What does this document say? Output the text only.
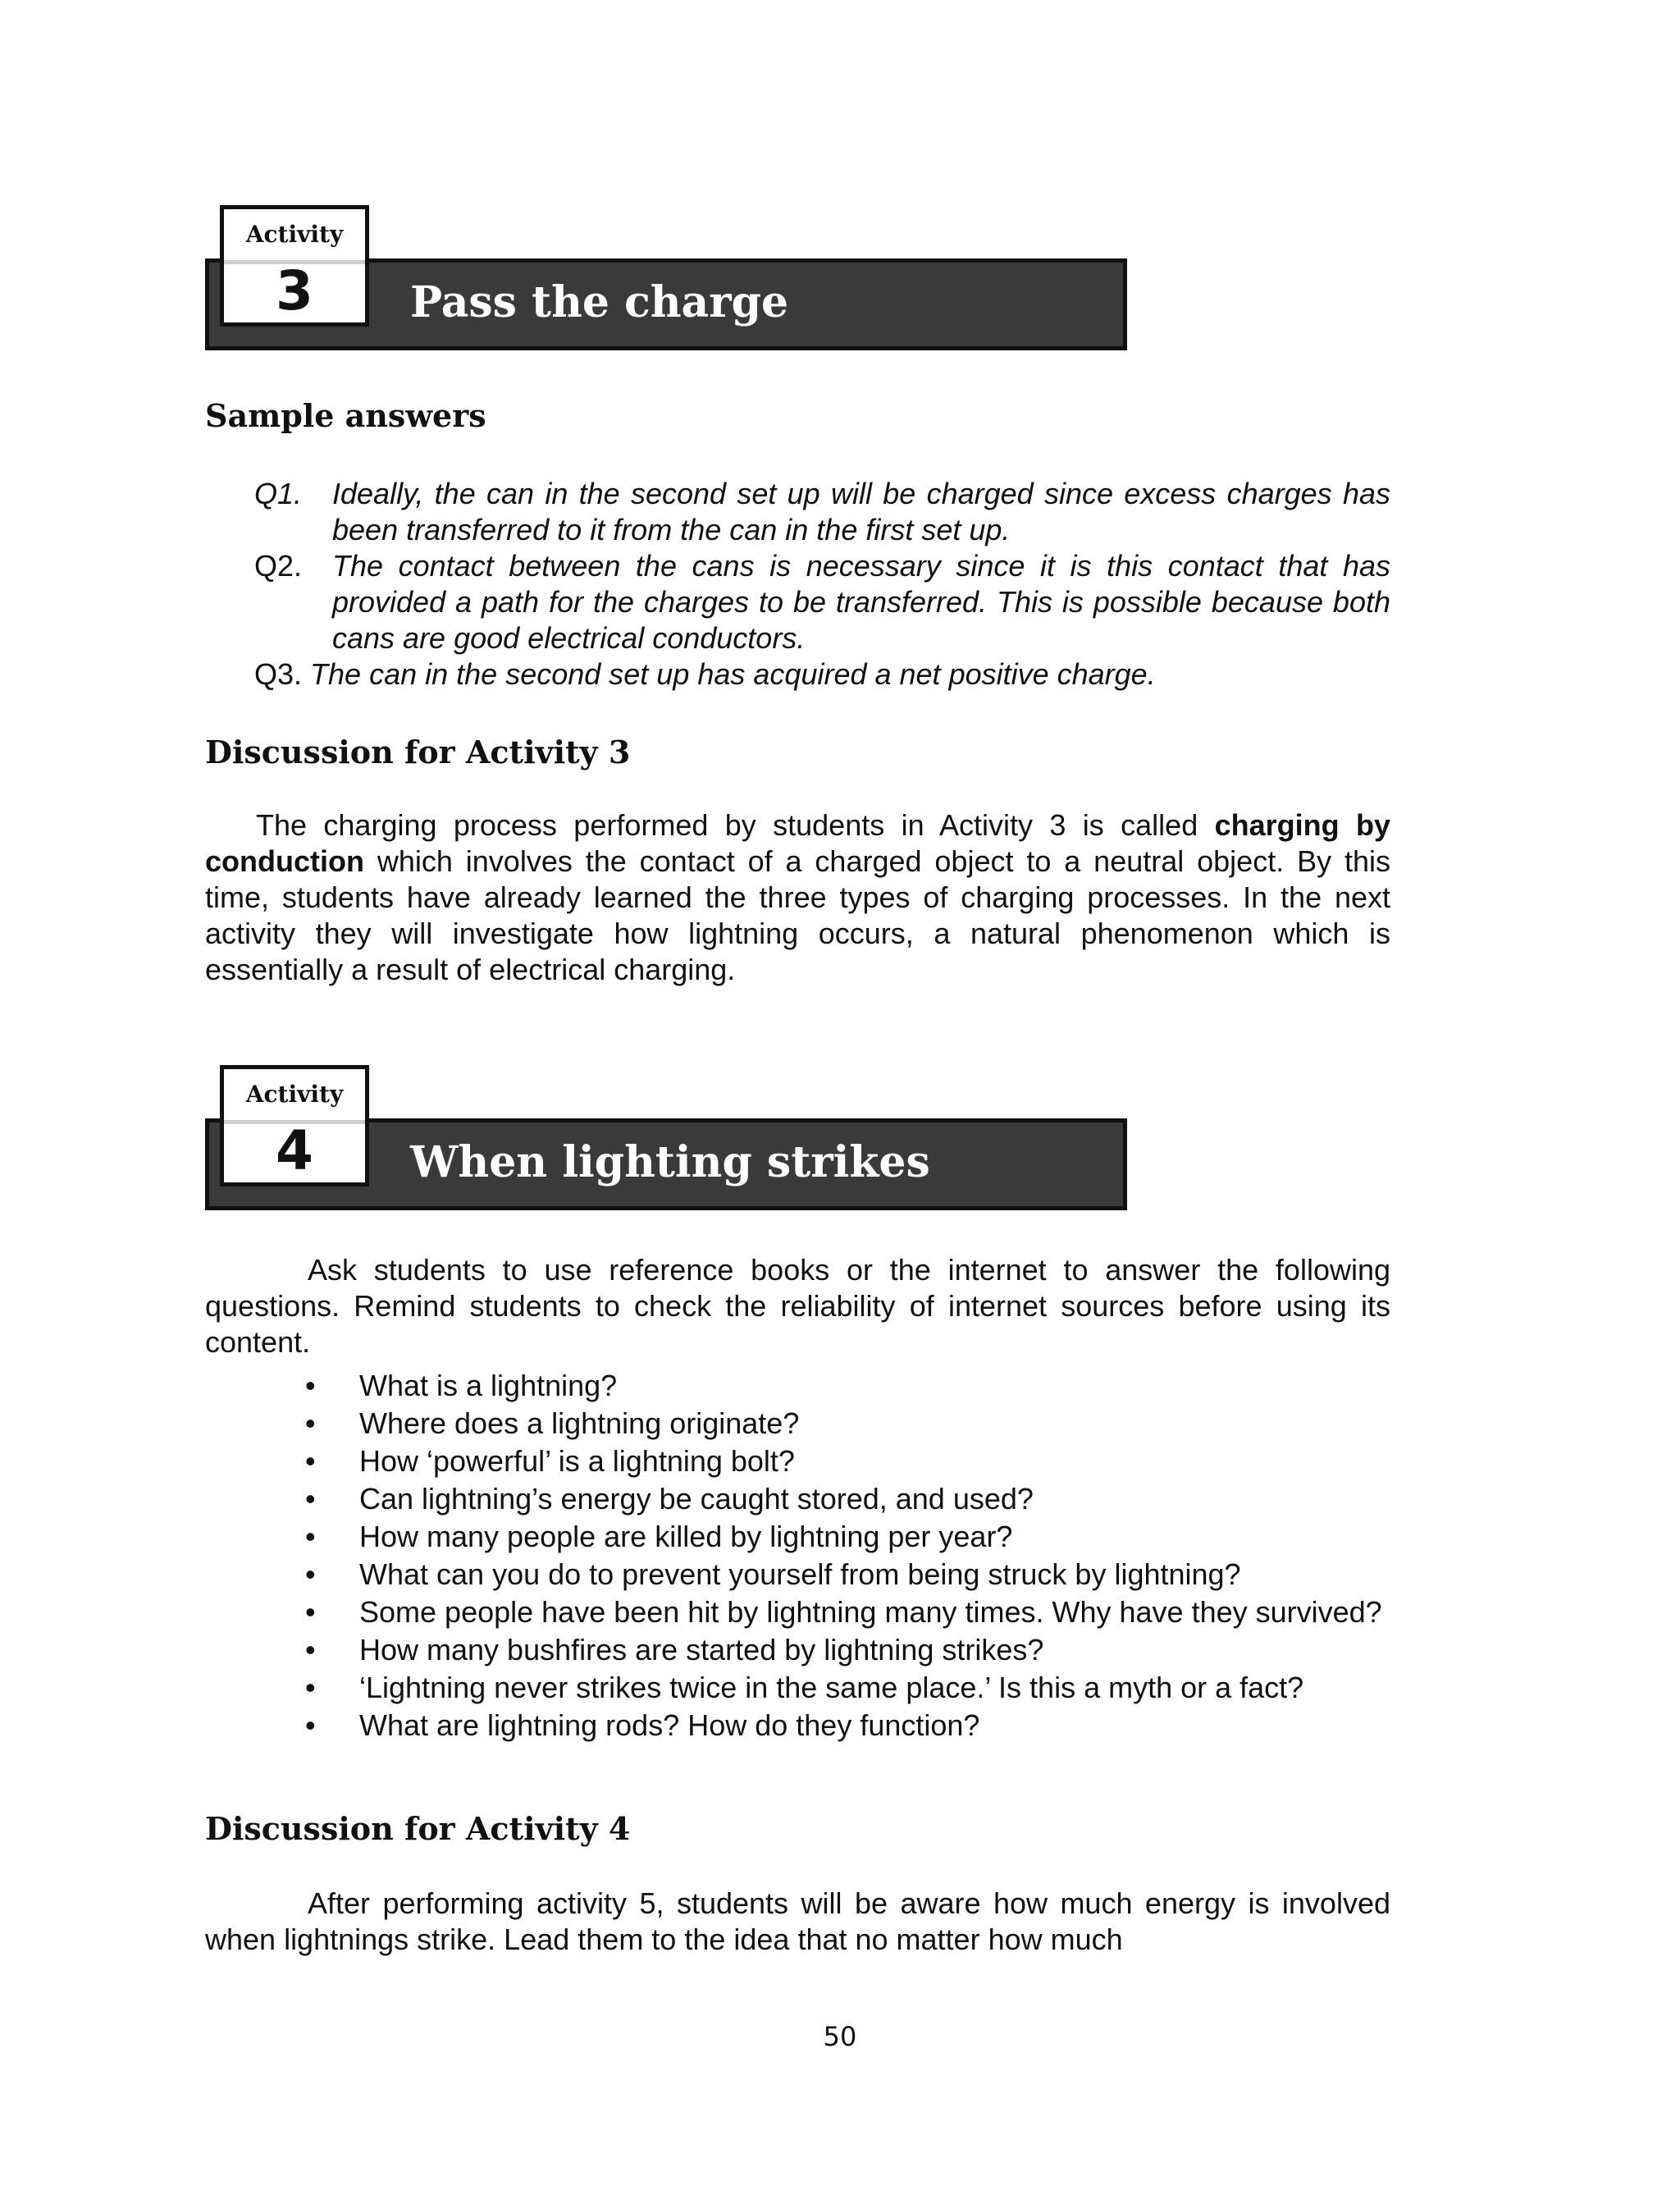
Pass the charge
Activity
3
Sample answers
Q1. Ideally, the can in the second set up will be charged since excess charges has been transferred to it from the can in the first set up.
Q2. The contact between the cans is necessary since it is this contact that has provided a path for the charges to be transferred. This is possible because both cans are good electrical conductors.
Q3. The can in the second set up has acquired a net positive charge.
Discussion for Activity 3
The charging process performed by students in Activity 3 is called charging by conduction which involves the contact of a charged object to a neutral object. By this time, students have already learned the three types of charging processes. In the next activity they will investigate how lightning occurs, a natural phenomenon which is essentially a result of electrical charging.
When lighting strikes
Activity
4
Ask students to use reference books or the internet to answer the following questions. Remind students to check the reliability of internet sources before using its content.
• What is a lightning?
• Where does a lightning originate?
• How ‘powerful’ is a lightning bolt?
• Can lightning’s energy be caught stored, and used?
• How many people are killed by lightning per year?
• What can you do to prevent yourself from being struck by lightning?
• Some people have been hit by lightning many times. Why have they survived?
• How many bushfires are started by lightning strikes?
• ‘Lightning never strikes twice in the same place.’ Is this a myth or a fact?
• What are lightning rods? How do they function?
Discussion for Activity 4
After performing activity 5, students will be aware how much energy is involved when lightnings strike. Lead them to the idea that no matter how much
50
